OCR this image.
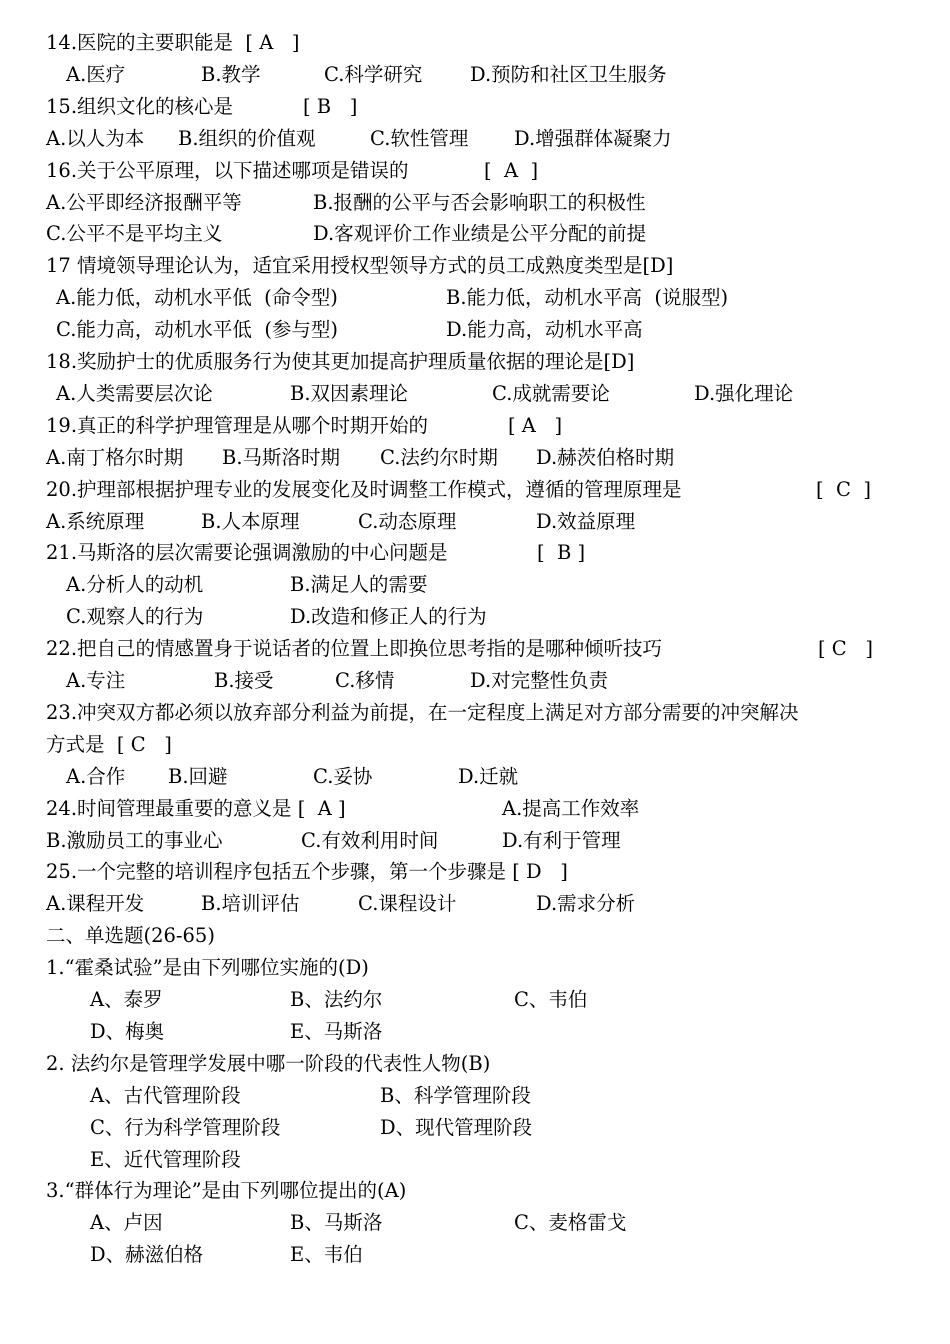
14.医院的主要职能是  [ A   ]
A.医疗	B.教学	C.科学研究 D.预防和社区卫生服务
15.组织文化的核心是	[ B   ]
A.以人为本 B.组织的价值观	C.软性管理 D.增强群体凝聚力
16.关于公平原理，以下描述哪项是错误的	[  A  ]
A.公平即经济报酬平等	B.报酬的公平与否会影响职工的积极性
C.公平不是平均主义	D.客观评价工作业绩是公平分配的前提
17 情境领导理论认为，适宜采用授权型领导方式的员工成熟度类型是[D]
A.能力低，动机水平低  (命令型)	B.能力低，动机水平高  (说服型)
C.能力高，动机水平低  (参与型)	D.能力高，动机水平高
18.奖励护士的优质服务行为使其更加提高护理质量依据的理论是[D]
A.人类需要层次论	B.双因素理论	C.成就需要论	D.强化理论
19.真正的科学护理管理是从哪个时期开始的	[ A   ]
A.南丁格尔时期 B.马斯洛时期 C.法约尔时期 D.赫茨伯格时期
20.护理部根据护理专业的发展变化及时调整工作模式，遵循的管理原理是	[  C  ]
A.系统原理	B.人本原理	C.动态原理	D.效益原理
21.马斯洛的层次需要论强调激励的中心问题是	[  B ]
A.分析人的动机	B.满足人的需要
C.观察人的行为	D.改造和修正人的行为
22.把自己的情感置身于说话者的位置上即换位思考指的是哪种倾听技巧	[ C   ]
A.专注	B.接受	C.移情	D.对完整性负责
23.冲突双方都必须以放弃部分利益为前提，在一定程度上满足对方部分需要的冲突解决
方式是  [ C   ]
A.合作 B.回避	C.妥协	D.迁就
24.时间管理最重要的意义是 [  A ]	A.提高工作效率
B.激励员工的事业心	C.有效利用时间	D.有利于管理
25.一个完整的培训程序包括五个步骤，第一个步骤是 [ D   ]
A.课程开发	B.培训评估	C.课程设计	D.需求分析
二、单选题(26-65)
1.“霍桑试验”是由下列哪位实施的(D)
A、泰罗	B、法约尔	C、韦伯
D、梅奥	E、马斯洛
2. 法约尔是管理学发展中哪一阶段的代表性人物(B)
A、古代管理阶段	B、科学管理阶段
C、行为科学管理阶段	D、现代管理阶段
E、近代管理阶段
3.“群体行为理论”是由下列哪位提出的(A)
A、卢因	B、马斯洛	C、麦格雷戈
D、赫滋伯格	E、韦伯
